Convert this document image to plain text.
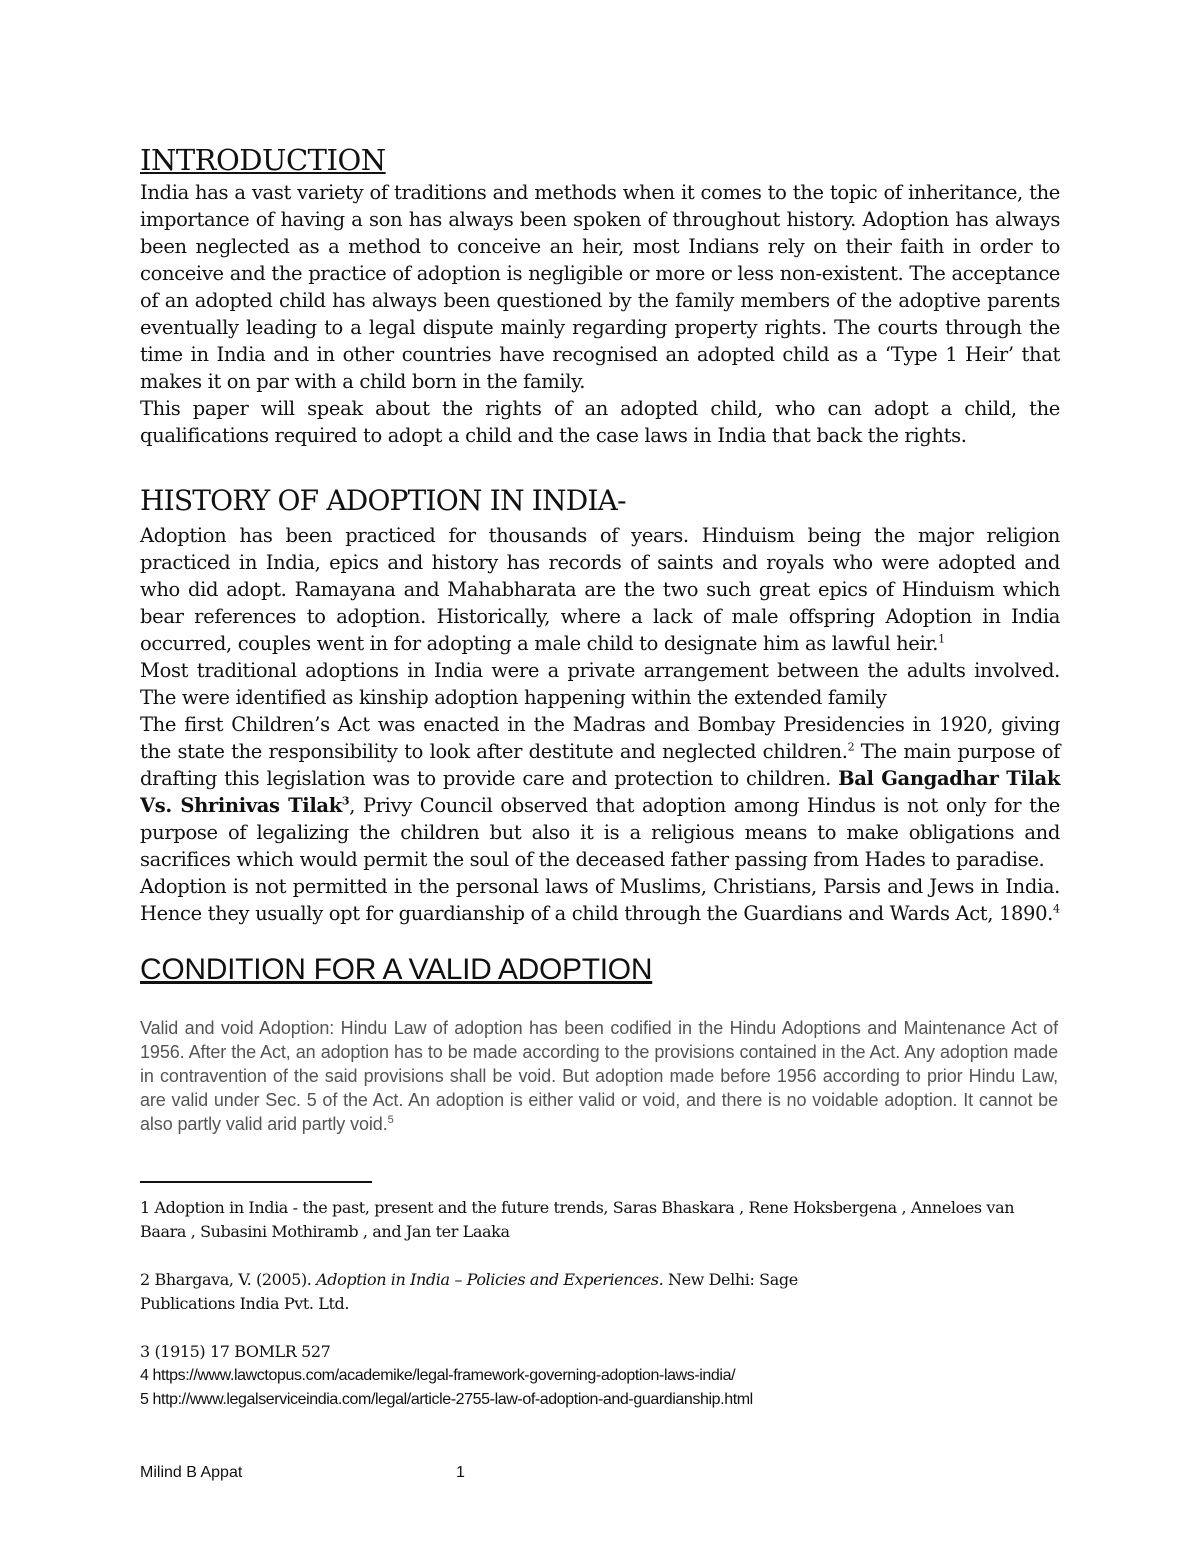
INTRODUCTION

India has a vast variety of traditions and methods when it comes to the topic of inheritance, the importance of having a son has always been spoken of throughout history. Adoption has always been neglected as a method to conceive an heir, most Indians rely on their faith in order to conceive and the practice of adoption is negligible or more or less non-existent. The acceptance of an adopted child has always been questioned by the family members of the adoptive parents eventually leading to a legal dispute mainly regarding property rights. The courts through the time in India and in other countries have recognised an adopted child as a ‘Type 1 Heir’ that makes it on par with a child born in the family.

This paper will speak about the rights of an adopted child, who can adopt a child, the qualifications required to adopt a child and the case laws in India that back the rights.

HISTORY OF ADOPTION IN INDIA-

Adoption has been practiced for thousands of years. Hinduism being the major religion practiced in India, epics and history has records of saints and royals who were adopted and who did adopt. Ramayana and Mahabharata are the two such great epics of Hinduism which bear references to adoption. Historically, where a lack of male offspring Adoption in India occurred, couples went in for adopting a male child to designate him as lawful heir.$^1$

Most traditional adoptions in India were a private arrangement between the adults involved. The were identified as kinship adoption happening within the extended family

The first Children’s Act was enacted in the Madras and Bombay Presidencies in 1920, giving the state the responsibility to look after destitute and neglected children.$^2$ The main purpose of drafting this legislation was to provide care and protection to children. Bal Gangadhar Tilak Vs. Shrinivas Tilak$^3$, Privy Council observed that adoption among Hindus is not only for the purpose of legalizing the children but also it is a religious means to make obligations and sacrifices which would permit the soul of the deceased father passing from Hades to paradise.

Adoption is not permitted in the personal laws of Muslims, Christians, Parsis and Jews in India. Hence they usually opt for guardianship of a child through the Guardians and Wards Act, 1890.$^4$

CONDITION FOR A VALID ADOPTION
Valid and void Adoption: Hindu Law of adoption has been codified in the Hindu Adoptions and Maintenance Act of 1956. After the Act, an adoption has to be made according to the provisions contained in the Act. Any adoption made in contravention of the said provisions shall be void. But adoption made before 1956 according to prior Hindu Law, are valid under Sec. 5 of the Act. An adoption is either valid or void, and there is no voidable adoption. It cannot be also partly valid arid partly void.$^5$
1 Adoption in India - the past, present and the future trends, Saras Bhaskara , Rene Hoksbergena , Anneloes van Baara , Subasini Mothiramb , and Jan ter Laaka
2 Bhargava, V. (2005). Adoption in India – Policies and Experiences. New Delhi: Sage
Publications India Pvt. Ltd.
3 (1915) 17 BOMLR 527
4 https://www.lawctopus.com/academike/legal-framework-governing-adoption-laws-india/
5 http://www.legalserviceindia.com/legal/article-2755-law-of-adoption-and-guardianship.html
Milind B Appat	1
